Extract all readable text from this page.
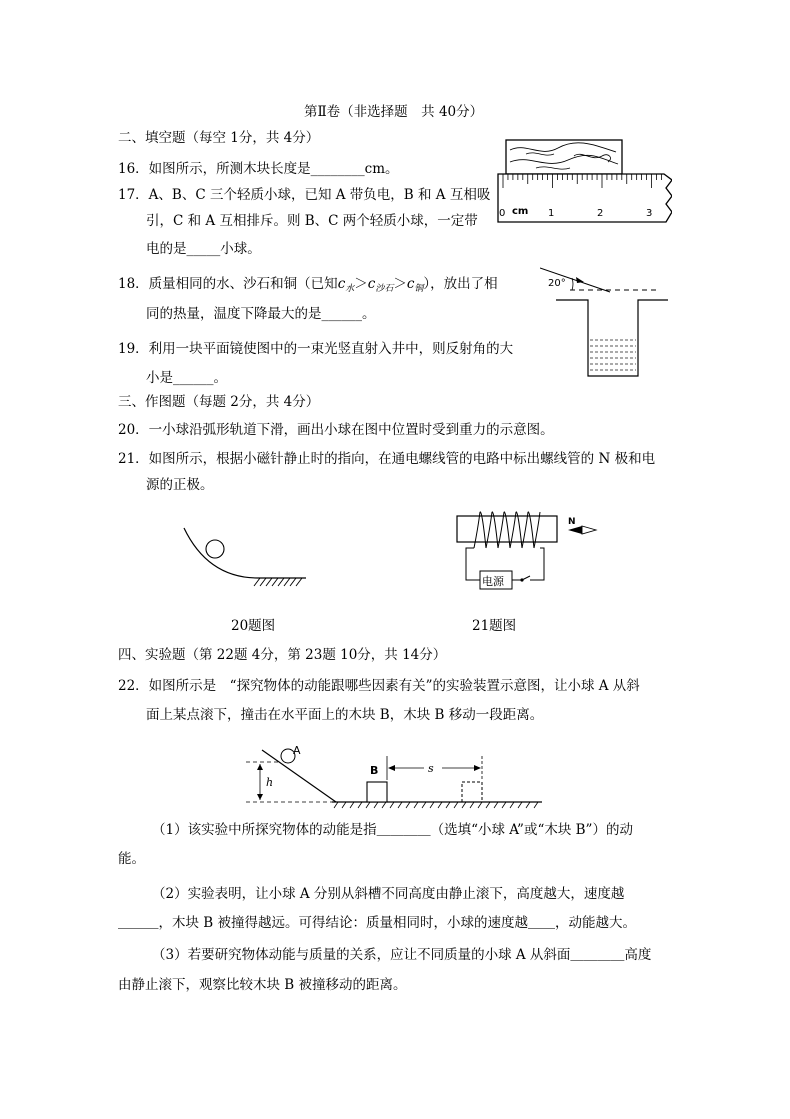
第Ⅱ卷（非选择题　共 40分）
二、填空题（每空 1分，共 4分）
16．如图所示，所测木块长度是________cm。
17．A、B、C 三个轻质小球，已知 A 带负电，B 和 A 互相吸
引，C 和 A 互相排斥。则 B、C 两个轻质小球，一定带
电的是_____小球。
18．质量相同的水、沙石和铜（已知$c_水>c_{沙石}>c_铜$），放出了相
同的热量，温度下降最大的是______。
19．利用一块平面镜使图中的一束光竖直射入井中，则反射角的大
小是______。
0 cm 1	2	3
20°
三、作图题（每题 2分，共 4分）
20．一小球沿弧形轨道下滑，画出小球在图中位置时受到重力的示意图。
21．如图所示，根据小磁针静止时的指向，在通电螺线管的电路中标出螺线管的 N 极和电
源的正极。
20题图
电源
N
21题图
四、实验题（第 22题 4分，第 23题 10分，共 14分）
22．如图所示是　“探究物体的动能跟哪些因素有关”的实验装置示意图，让小球 A 从斜
面上某点滚下，撞击在水平面上的木块 B，木块 B 移动一段距离。
h
A
B	s
（1）该实验中所探究物体的动能是指＿＿＿＿（选填“小球 A”或“木块 B”）的动
能。
（2）实验表明，让小球 A 分别从斜槽不同高度由静止滚下，高度越大，速度越
＿＿＿，木块 B 被撞得越远。可得结论：质量相同时，小球的速度越＿＿，动能越大。
（3）若要研究物体动能与质量的关系，应让不同质量的小球 A 从斜面＿＿＿＿高度
由静止滚下，观察比较木块 B 被撞移动的距离。
